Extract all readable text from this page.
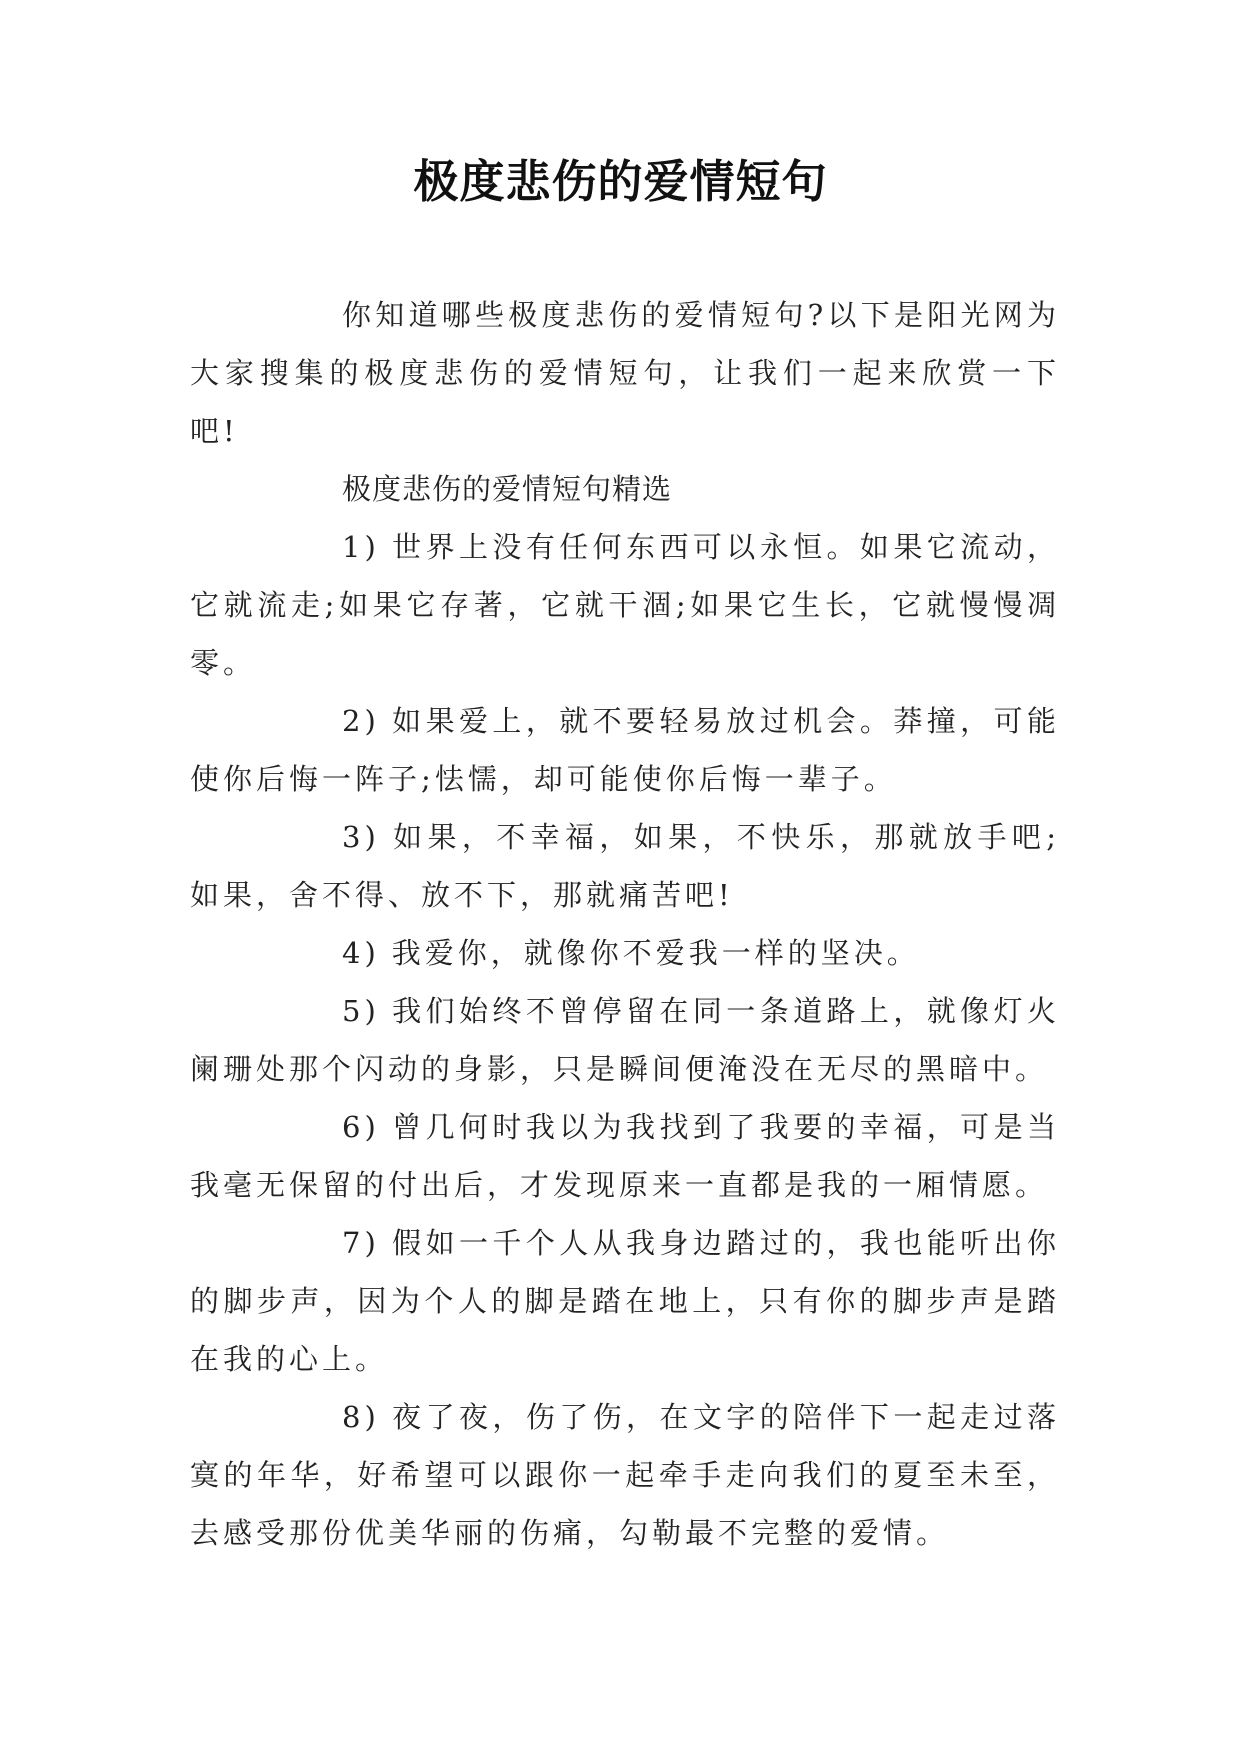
极度悲伤的爱情短句

你知道哪些极度悲伤的爱情短句?以下是阳光网为大家搜集的极度悲伤的爱情短句，让我们一起来欣赏一下吧!

极度悲伤的爱情短句精选

1) 世界上没有任何东西可以永恒。如果它流动，它就流走;如果它存著，它就干涸;如果它生长，它就慢慢凋零。

2) 如果爱上，就不要轻易放过机会。莽撞，可能使你后悔一阵子;怯懦，却可能使你后悔一辈子。

3) 如果，不幸福，如果，不快乐，那就放手吧;如果，舍不得、放不下，那就痛苦吧!

4) 我爱你，就像你不爱我一样的坚决。

5) 我们始终不曾停留在同一条道路上，就像灯火阑珊处那个闪动的身影，只是瞬间便淹没在无尽的黑暗中。

6) 曾几何时我以为我找到了我要的幸福，可是当我毫无保留的付出后，才发现原来一直都是我的一厢情愿。

7) 假如一千个人从我身边踏过的，我也能听出你的脚步声，因为个人的脚是踏在地上，只有你的脚步声是踏在我的心上。

8) 夜了夜，伤了伤，在文字的陪伴下一起走过落寞的年华，好希望可以跟你一起牵手走向我们的夏至未至，去感受那份优美华丽的伤痛，勾勒最不完整的爱情。
